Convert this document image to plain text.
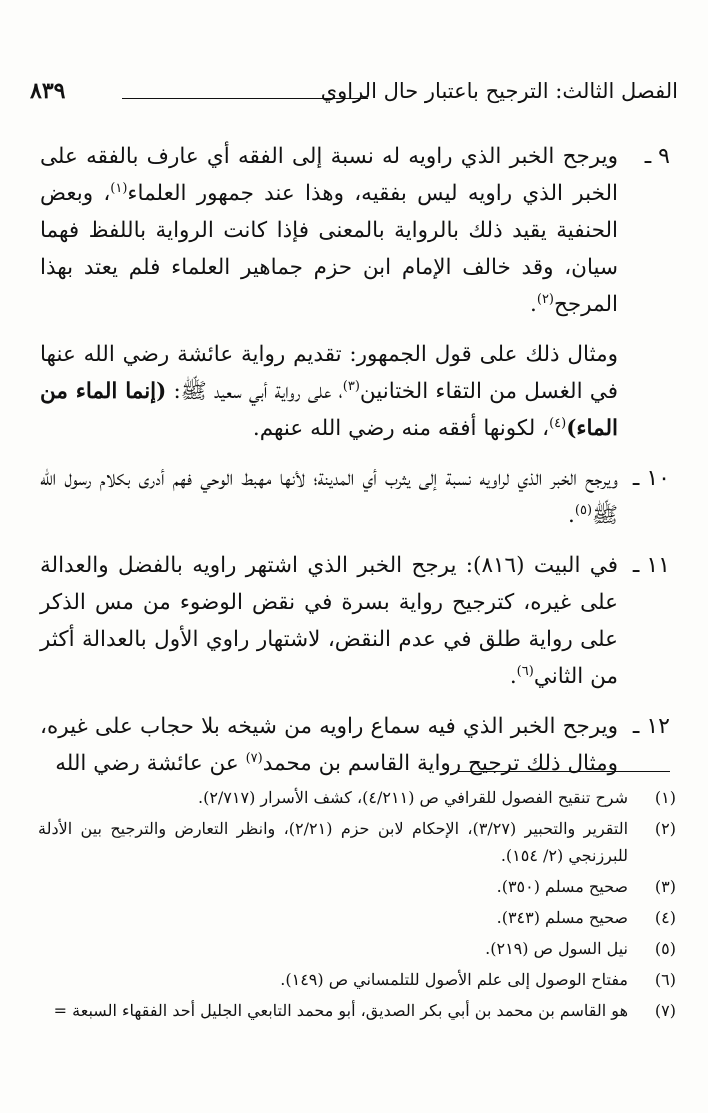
الفصل الثالث: الترجيح باعتبار حال الراوي
٨٣٩
٩ ـ

ويرجح الخبر الذي راويه له نسبة إلى الفقه أي عارف بالفقه على الخبر الذي راويه ليس بفقيه، وهذا عند جمهور العلماء$^{(١)}$، وبعض الحنفية يقيد ذلك بالرواية بالمعنى فإذا كانت الرواية باللفظ فهما سيان، وقد خالف الإمام ابن حزم جماهير العلماء فلم يعتد بهذا المرجح$^{(٢)}$.

ومثال ذلك على قول الجمهور: تقديم رواية عائشة رضي الله عنها في الغسل من التقاء الختانين$^{(٣)}$، على رواية أبي سعيد ﷺ: (إنما الماء من الماء)$^{(٤)}$، لكونها أفقه منه رضي الله عنهم.

١٠ ـ

ويرجح الخبر الذي لراويه نسبة إلى يثرب أي المدينة؛ لأنها مهبط الوحي فهم أدرى بكلام رسول الله ﷺ$^{(٥)}$.

١١ ـ

في البيت (٨١٦): يرجح الخبر الذي اشتهر راويه بالفضل والعدالة على غيره، كترجيح رواية بسرة في نقض الوضوء من مس الذكر على رواية طلق في عدم النقض، لاشتهار راوي الأول بالعدالة أكثر من الثاني$^{(٦)}$.

١٢ ـ

ويرجح الخبر الذي فيه سماع راويه من شيخه بلا حجاب على غيره، ومثال ذلك ترجيح رواية القاسم بن محمد$^{(٧)}$ عن عائشة رضي الله

(١)
شرح تنقيح الفصول للقرافي ص (٤/٢١١)، كشف الأسرار (٢/٧١٧).
(٢)
التقرير والتحبير (٣/٢٧)، الإحكام لابن حزم (٢/٢١)، وانظر التعارض والترجيح بين الأدلة للبرزنجي (٢/ ١٥٤).
(٣)
صحيح مسلم (٣٥٠).
(٤)
صحيح مسلم (٣٤٣).
(٥)
نيل السول ص (٢١٩).
(٦)
مفتاح الوصول إلى علم الأصول للتلمساني ص (١٤٩).
(٧)
هو القاسم بن محمد بن أبي بكر الصديق، أبو محمد التابعي الجليل أحد الفقهاء السبعة =
